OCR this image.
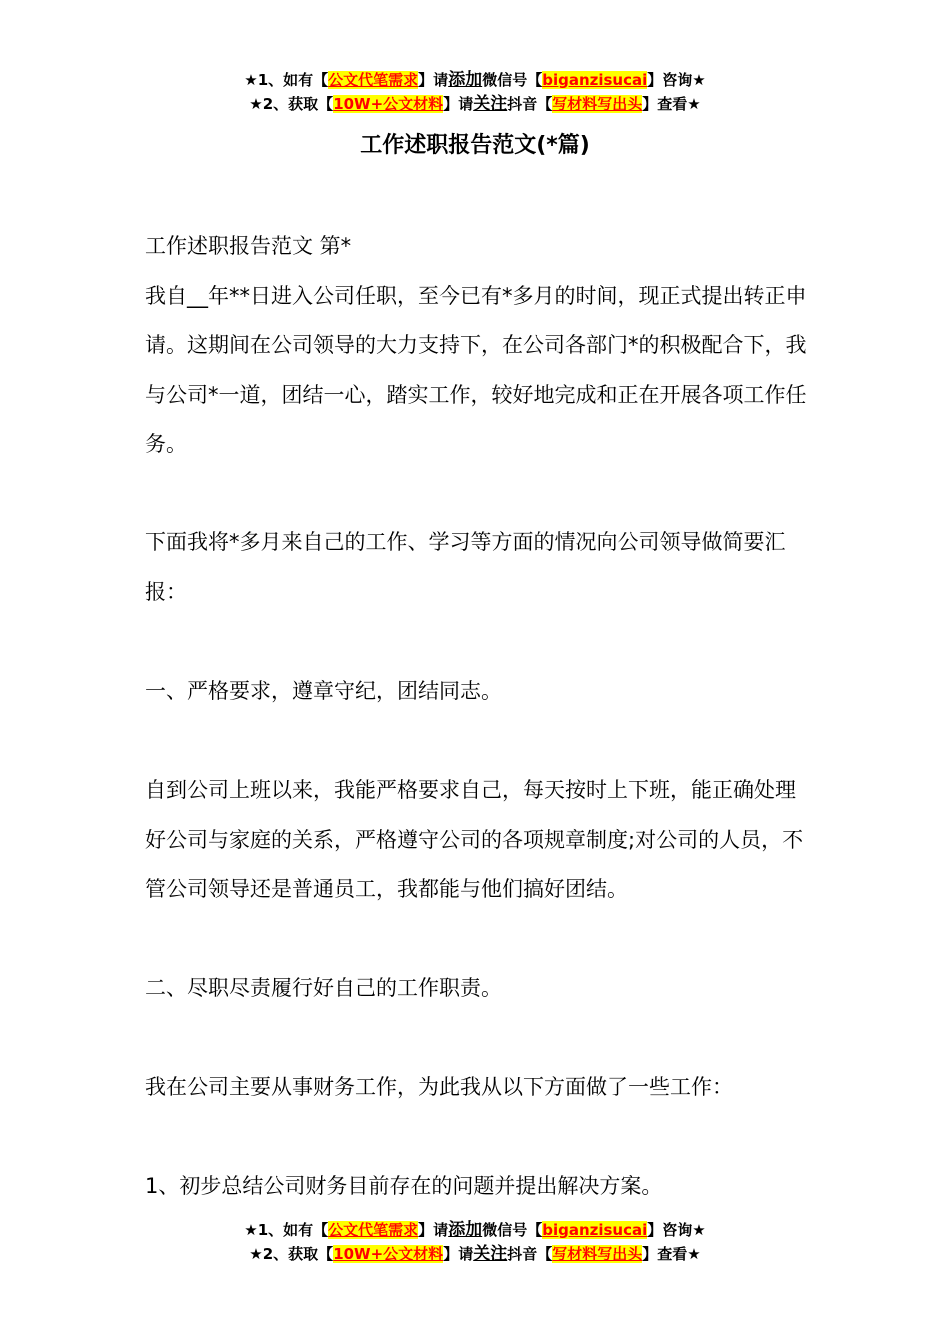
★1、如有【公文代笔需求】请添加微信号【biganzisucai】咨询★
★2、获取【10W+公文材料】请关注抖音【写材料写出头】查看★
工作述职报告范文(*篇)

工作述职报告范文 第*

我自__年**日进入公司任职，至今已有*多月的时间，现正式提出转正申请。这期间在公司领导的大力支持下，在公司各部门*的积极配合下，我与公司*一道，团结一心，踏实工作，较好地完成和正在开展各项工作任务。

下面我将*多月来自己的工作、学习等方面的情况向公司领导做简要汇报：

一、严格要求，遵章守纪，团结同志。

自到公司上班以来，我能严格要求自己，每天按时上下班，能正确处理好公司与家庭的关系，严格遵守公司的各项规章制度;对公司的人员，不管公司领导还是普通员工，我都能与他们搞好团结。

二、尽职尽责履行好自己的工作职责。

我在公司主要从事财务工作，为此我从以下方面做了一些工作：

1、初步总结公司财务目前存在的问题并提出解决方案。

★1、如有【公文代笔需求】请添加微信号【biganzisucai】咨询★
★2、获取【10W+公文材料】请关注抖音【写材料写出头】查看★
